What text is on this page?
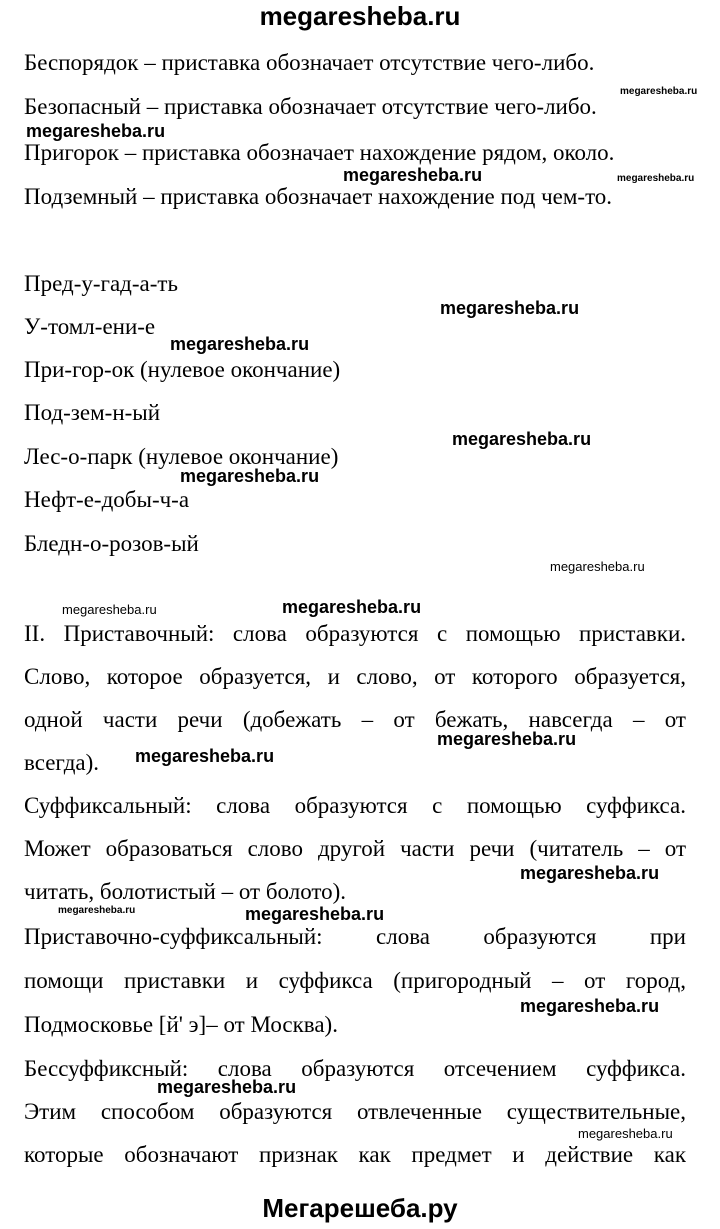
megaresheba.ru
Беспорядок – приставка обозначает отсутствие чего-либо.
Безопасный – приставка обозначает отсутствие чего-либо.
Пригорок – приставка обозначает нахождение рядом, около.
Подземный – приставка обозначает нахождение под чем-то.
Пред-у-гад-а-ть
У-томл-ени-е
При-гор-ок (нулевое окончание)
Под-зем-н-ый
Лес-о-парк (нулевое окончание)
Нефт-е-добы-ч-а
Бледн-о-розов-ый
II. Приставочный: слова образуются с помощью приставки.
Слово, которое образуется, и слово, от которого образуется,
одной части речи (добежать – от бежать, навсегда – от
всегда).
Суффиксальный: слова образуются с помощью суффикса.
Может образоваться слово другой части речи (читатель – от
читать, болотистый – от болото).
Приставочно-суффиксальный: слова образуются при
помощи приставки и суффикса (пригородный – от город,
Подмосковье [й' э]– от Москва).
Бессуффиксный: слова образуются отсечением суффикса.
Этим способом образуются отвлеченные существительные,
которые обозначают признак как предмет и действие как
megaresheba.ru
megaresheba.ru
megaresheba.ru	megaresheba.ru
megaresheba.ru
megaresheba.ru
megaresheba.ru
megaresheba.ru
megaresheba.ru
megaresheba.ru	megaresheba.ru
megaresheba.ru
megaresheba.ru
megaresheba.ru
megaresheba.ru	megaresheba.ru
megaresheba.ru
megaresheba.ru
megaresheba.ru
Мегарешеба.ру
